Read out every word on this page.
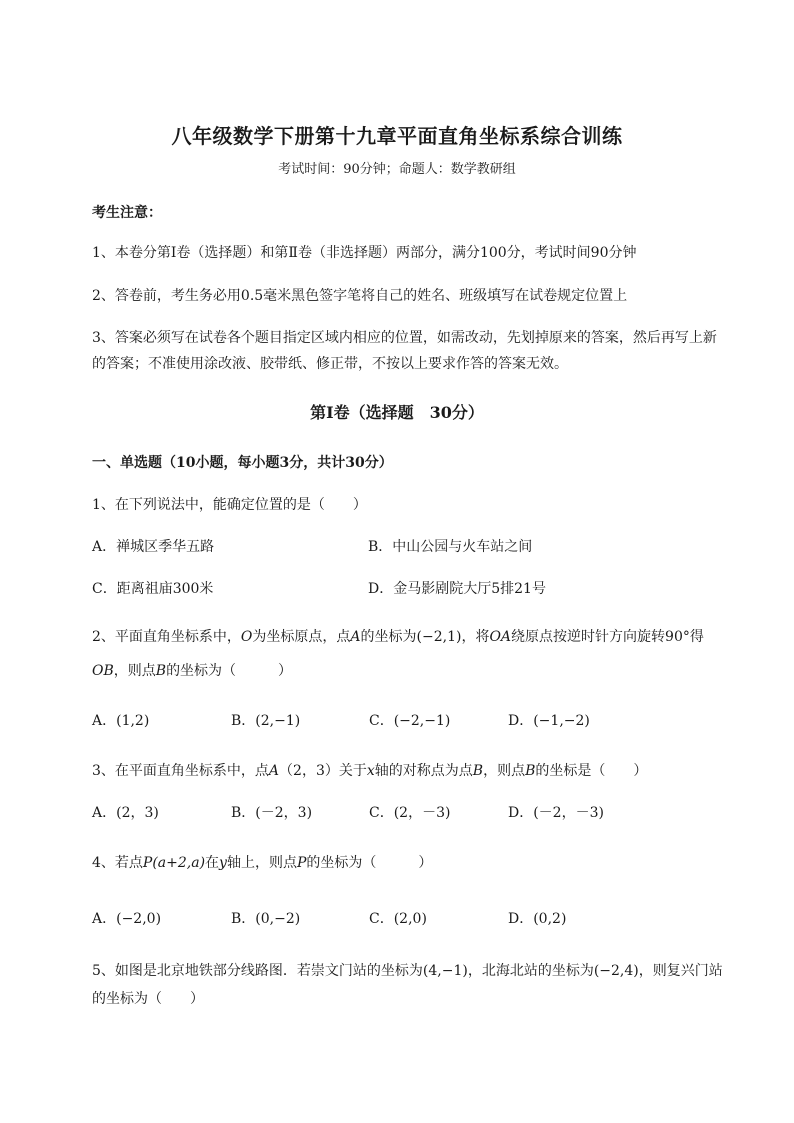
八年级数学下册第十九章平面直角坐标系综合训练
考试时间：90分钟；命题人：数学教研组
考生注意：
1、本卷分第I卷（选择题）和第Ⅱ卷（非选择题）两部分，满分100分，考试时间90分钟
2、答卷前，考生务必用0.5毫米黑色签字笔将自己的姓名、班级填写在试卷规定位置上
3、答案必须写在试卷各个题目指定区域内相应的位置，如需改动，先划掉原来的答案，然后再写上新
的答案；不准使用涂改液、胶带纸、修正带，不按以上要求作答的答案无效。
第I卷（选择题　30分）
一、单选题（10小题，每小题3分，共计30分）
1、在下列说法中，能确定位置的是（　　）
A．禅城区季华五路	B．中山公园与火车站之间
C．距离祖庙300米	D．金马影剧院大厅5排21号
2、平面直角坐标系中，O为坐标原点，点A的坐标为(−2,1)，将OA绕原点按逆时针方向旋转90°得
OB，则点B的坐标为（　　　）
A．(1,2)	B．(2,−1)	C．(−2,−1)	D．(−1,−2)
3、在平面直角坐标系中，点A（2，3）关于x轴的对称点为点B，则点B的坐标是（　　）
A．(2，3)	B．(－2，3)	C．(2，－3)	D．(－2，－3)
4、若点P(a+2,a)在y轴上，则点P的坐标为（　　　）
A．(−2,0)	B．(0,−2)	C．(2,0)	D．(0,2)
5、如图是北京地铁部分线路图．若崇文门站的坐标为(4,−1)，北海北站的坐标为(−2,4)，则复兴门站
的坐标为（　　）
